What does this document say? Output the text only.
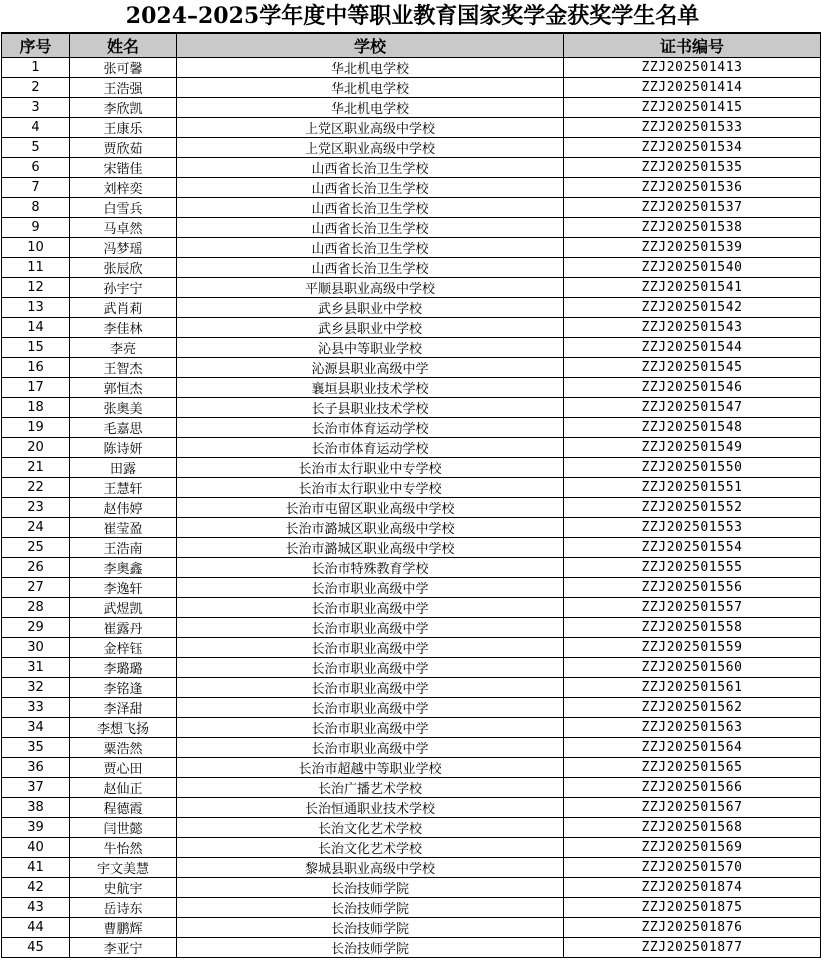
2024–2025学年度中等职业教育国家奖学金获奖学生名单
序号	姓名	学校	证书编号
1	张可馨	华北机电学校	ZZJ202501413
2	王浩强	华北机电学校	ZZJ202501414
3	李欣凯	华北机电学校	ZZJ202501415
4	王康乐	上党区职业高级中学校	ZZJ202501533
5	贾欣茹	上党区职业高级中学校	ZZJ202501534
6	宋锴佳	山西省长治卫生学校	ZZJ202501535
7	刘梓奕	山西省长治卫生学校	ZZJ202501536
8	白雪兵	山西省长治卫生学校	ZZJ202501537
9	马卓然	山西省长治卫生学校	ZZJ202501538
10	冯梦瑶	山西省长治卫生学校	ZZJ202501539
11	张辰欣	山西省长治卫生学校	ZZJ202501540
12	孙宇宁	平顺县职业高级中学校	ZZJ202501541
13	武肖莉	武乡县职业中学校	ZZJ202501542
14	李佳林	武乡县职业中学校	ZZJ202501543
15	李亮	沁县中等职业学校	ZZJ202501544
16	王智杰	沁源县职业高级中学	ZZJ202501545
17	郭恒杰	襄垣县职业技术学校	ZZJ202501546
18	张奥美	长子县职业技术学校	ZZJ202501547
19	毛嘉思	长治市体育运动学校	ZZJ202501548
20	陈诗妍	长治市体育运动学校	ZZJ202501549
21	田露	长治市太行职业中专学校	ZZJ202501550
22	王慧轩	长治市太行职业中专学校	ZZJ202501551
23	赵伟婷	长治市屯留区职业高级中学校	ZZJ202501552
24	崔莹盈	长治市潞城区职业高级中学校	ZZJ202501553
25	王浩南	长治市潞城区职业高级中学校	ZZJ202501554
26	李奥鑫	长治市特殊教育学校	ZZJ202501555
27	李逸轩	长治市职业高级中学	ZZJ202501556
28	武煜凯	长治市职业高级中学	ZZJ202501557
29	崔露丹	长治市职业高级中学	ZZJ202501558
30	金梓钰	长治市职业高级中学	ZZJ202501559
31	李璐璐	长治市职业高级中学	ZZJ202501560
32	李铭逢	长治市职业高级中学	ZZJ202501561
33	李泽甜	长治市职业高级中学	ZZJ202501562
34	李想飞扬	长治市职业高级中学	ZZJ202501563
35	粟浩然	长治市职业高级中学	ZZJ202501564
36	贾心田	长治市超越中等职业学校	ZZJ202501565
37	赵仙正	长治广播艺术学校	ZZJ202501566
38	程德霞	长治恒通职业技术学校	ZZJ202501567
39	闫世懿	长治文化艺术学校	ZZJ202501568
40	牛怡然	长治文化艺术学校	ZZJ202501569
41	宇文美慧	黎城县职业高级中学校	ZZJ202501570
42	史航宇	长治技师学院	ZZJ202501874
43	岳诗东	长治技师学院	ZZJ202501875
44	曹鹏辉	长治技师学院	ZZJ202501876
45	李亚宁	长治技师学院	ZZJ202501877
